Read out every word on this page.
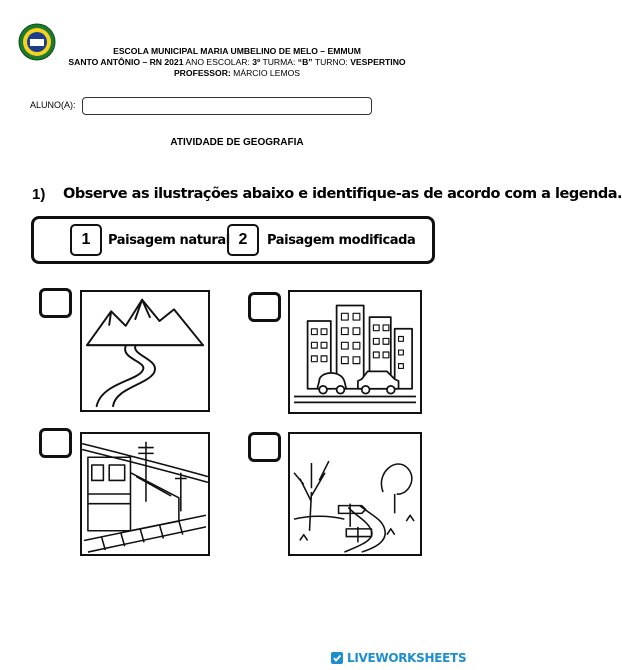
ESCOLA MUNICIPAL MARIA UMBELINO DE MELO – EMMUM
SANTO ANTÔNIO – RN 2021 ANO ESCOLAR: 3º TURMA: “B” TURNO: VESPERTINO
PROFESSOR: MÁRCIO LEMOS
ALUNO(A):
ATIVIDADE DE GEOGRAFIA
1) Observe as ilustrações abaixo e identifique-as de acordo com a legenda.
1	Paisagem natural 2	Paisagem modificada
LIVEWORKSHEETS
